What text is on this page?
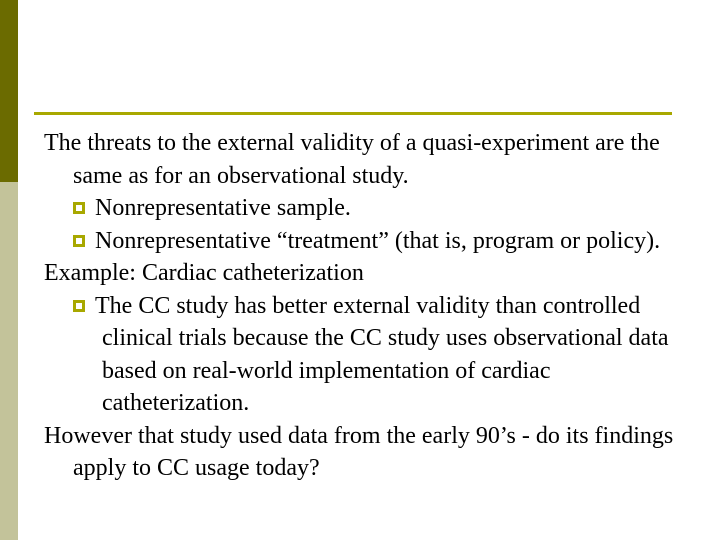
The threats to the external validity of a quasi-experiment are the same as for an observational study.

Nonrepresentative sample.

Nonrepresentative “treatment” (that is, program or policy).

Example: Cardiac catheterization

The CC study has better external validity than controlled clinical trials because the CC study uses observational data based on real-world implementation of cardiac catheterization.

However that study used data from the early 90’s - do its findings apply to CC usage today?
